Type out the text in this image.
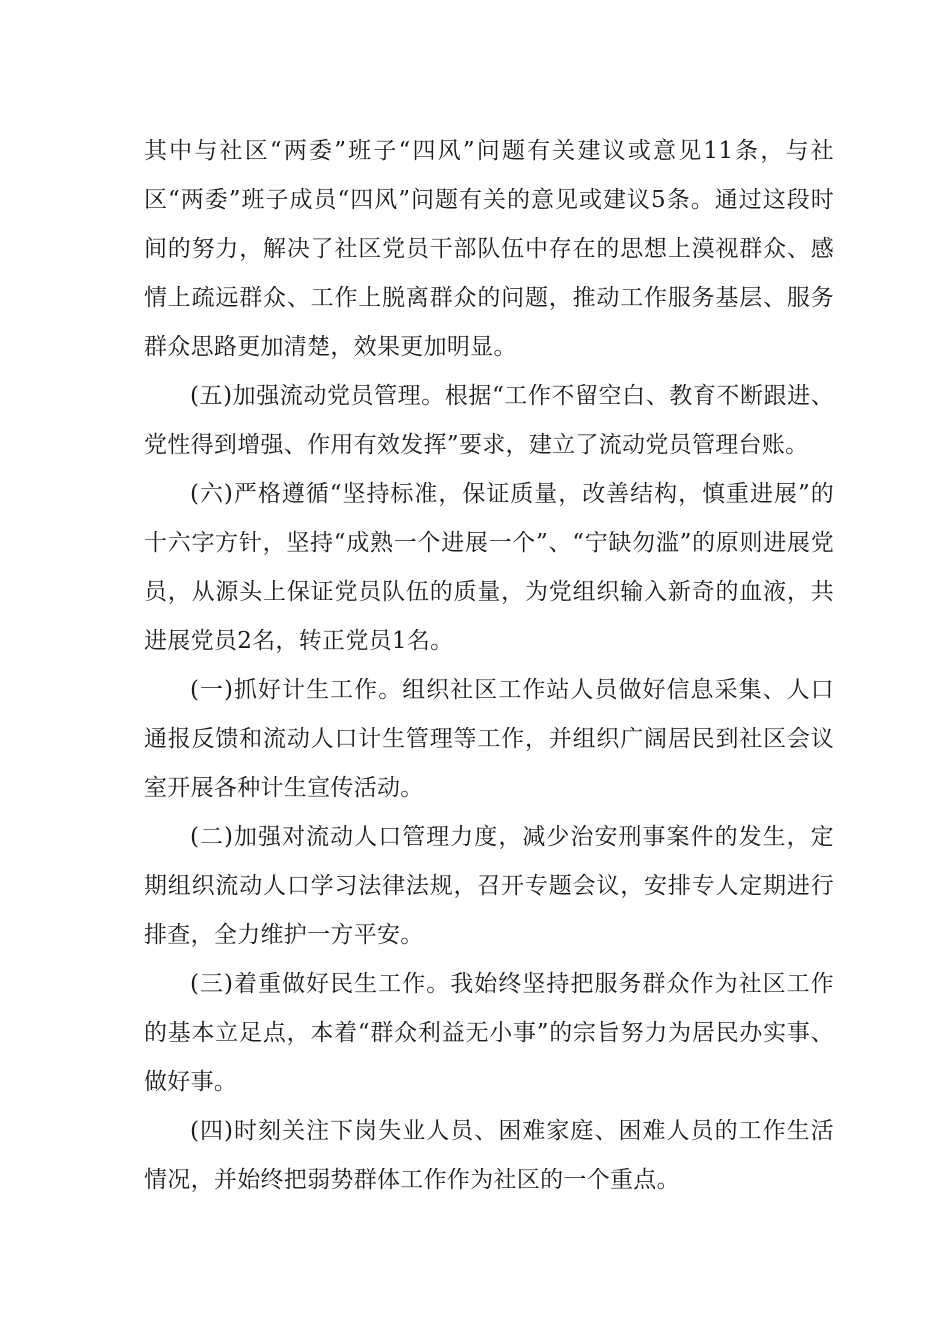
其中与社区“两委”班子“四风”问题有关建议或意见11条，与社区“两委”班子成员“四风”问题有关的意见或建议5条。通过这段时间的努力，解决了社区党员干部队伍中存在的思想上漠视群众、感情上疏远群众、工作上脱离群众的问题，推动工作服务基层、服务群众思路更加清楚，效果更加明显。

(五)加强流动党员管理。根据“工作不留空白、教育不断跟进、党性得到增强、作用有效发挥”要求，建立了流动党员管理台账。

(六)严格遵循“坚持标准，保证质量，改善结构，慎重进展”的十六字方针，坚持“成熟一个进展一个”、“宁缺勿滥”的原则进展党员，从源头上保证党员队伍的质量，为党组织输入新奇的血液，共进展党员2名，转正党员1名。

(一)抓好计生工作。组织社区工作站人员做好信息采集、人口通报反馈和流动人口计生管理等工作，并组织广阔居民到社区会议室开展各种计生宣传活动。

(二)加强对流动人口管理力度，减少治安刑事案件的发生，定期组织流动人口学习法律法规，召开专题会议，安排专人定期进行排查，全力维护一方平安。

(三)着重做好民生工作。我始终坚持把服务群众作为社区工作的基本立足点，本着“群众利益无小事”的宗旨努力为居民办实事、做好事。

(四)时刻关注下岗失业人员、困难家庭、困难人员的工作生活情况，并始终把弱势群体工作作为社区的一个重点。
